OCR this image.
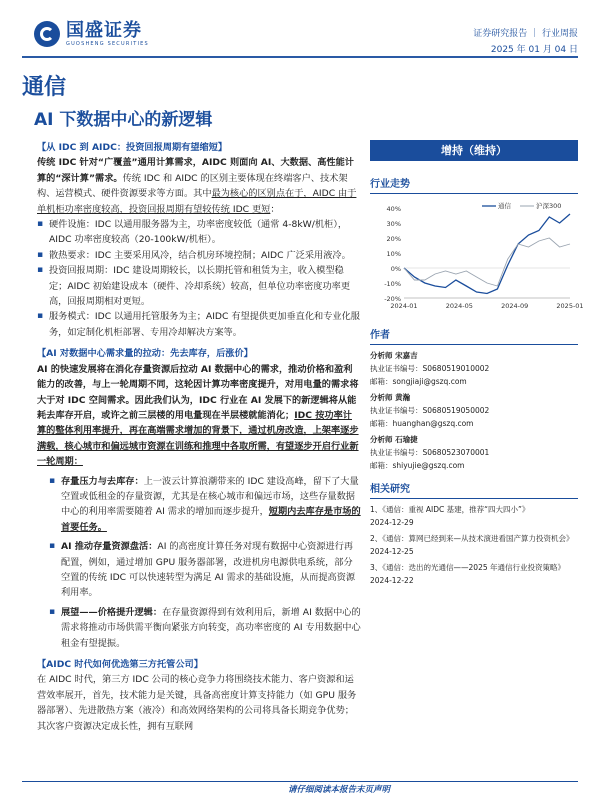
国盛证券
GUOSHENG SECURITIES
证券研究报告 ｜ 行业周报
2025 年 01 月 04 日
通信
AI 下数据中心的新逻辑

【从 IDC 到 AIDC：投资回报周期有望缩短】

传统 IDC 针对“广覆盖”通用计算需求，AIDC 则面向 AI、大数据、高性能计算的“深计算”需求。传统 IDC 和 AIDC 的区别主要体现在终端客户、技术架构、运营模式、硬件资源要求等方面。其中最为核心的区别点在于，AIDC 由于单机柜功率密度较高，投资回报周期有望较传统 IDC 更短：

▪ 硬件设施：IDC 以通用服务器为主，功率密度较低（通常 4-8kW/机柜），AIDC 功率密度较高（20-100kW/机柜）。
▪ 散热要求：IDC 主要采用风冷，结合机房环境控制；AIDC 广泛采用液冷。
▪ 投资回报周期：IDC 建设周期较长，以长期托管和租赁为主，收入模型稳定；AIDC 初始建设成本（硬件、冷却系统）较高，但单位功率密度功率更高，回报周期相对更短。
▪ 服务模式：IDC 以通用托管服务为主；AIDC 有望提供更加垂直化和专业化服务，如定制化机柜部署、专用冷却解决方案等。

【AI 对数据中心需求量的拉动：先去库存，后涨价】

AI 的快速发展将在消化存量资源后拉动 AI 数据中心的需求，推动价格和盈利能力的改善，与上一轮周期不同，这轮因计算功率密度提升，对用电量的需求将大于对 IDC 空间需求。因此我们认为，IDC 行业在 AI 发展下的新逻辑将从能耗去库存开启，或许之前三层楼的用电量现在半层楼就能消化；IDC 按功率计算的整体利用率提升，再在高端需求增加的背景下，通过机房改造，上架率逐步满载，核心城市和偏远城市资源在训练和推理中各取所需，有望逐步开启行业新一轮周期：

▪ 存量压力与去库存：上一波云计算浪潮带来的 IDC 建设高峰，留下了大量空置或低租金的存量资源，尤其是在核心城市和偏远市场，这些存量数据中心的利用率需要随着 AI 需求的增加而逐步提升，短期内去库存是市场的首要任务。
▪ AI 推动存量资源盘活：AI 的高密度计算任务对现有数据中心资源进行再配置，例如，通过增加 GPU 服务器部署，改进机房电源供电系统，部分空置的传统 IDC 可以快速转型为满足 AI 需求的基础设施，从而提高资源利用率。
▪ 展望——价格提升逻辑：在存量资源得到有效利用后，新增 AI 数据中心的需求将推动市场供需平衡向紧张方向转变，高功率密度的 AI 专用数据中心租金有望提振。

【AIDC 时代如何优选第三方托管公司】

在 AIDC 时代，第三方 IDC 公司的核心竞争力将围绕技术能力、客户资源和运营效率展开，首先，技术能力是关键，具备高密度计算支持能力（如 GPU 服务器部署）、先进散热方案（液冷）和高效网络架构的公司将具备长期竞争优势；其次客户资源决定成长性，拥有互联网

增持（维持）
行业走势
40%
30%
20%
10%
0%
-10%
-20%
2024-01	2024-05	2024-09	2025-01
通信	沪深300
作者
分析师 宋嘉吉
执业证书编号：S0680519010002
邮箱：songjiaji@gszq.com
分析师 黄瀚
执业证书编号：S0680519050002
邮箱：huanghan@gszq.com
分析师 石瑜捷
执业证书编号：S0680523070001
邮箱：shiyujie@gszq.com
相关研究
1、《通信：重视 AIDC 基建，推荐“四大四小”》
2024-12-29
2、《通信：算网已经到来—从技术演进看国产算力投资机会》
2024-12-25
3、《通信：迭出的光通信——2025 年通信行业投资策略》
2024-12-22
请仔细阅读本报告末页声明
